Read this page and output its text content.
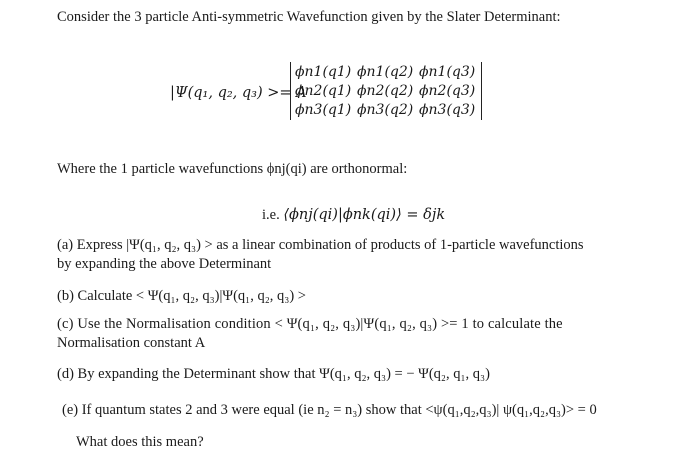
Consider the 3 particle Anti-symmetric Wavefunction given by the Slater Determinant:
|Ψ(q₁, q₂, q₃) >= A
ϕn1(q1) ϕn1(q2) ϕn1(q3)
ϕn2(q1) ϕn2(q2) ϕn2(q3)
ϕn3(q1) ϕn3(q2) ϕn3(q3)
Where the 1 particle wavefunctions ϕnj(qi) are orthonormal:
i.e. ⟨ϕnj(qi)|ϕnk(qi)⟩ = δjk
(a) Express |Ψ(q₁, q₂, q₃) > as a linear combination of products of 1-particle wavefunctions
by expanding the above Determinant
(b) Calculate < Ψ(q₁, q₂, q₃)|Ψ(q₁, q₂, q₃) >
(c) Use the Normalisation condition < Ψ(q₁, q₂, q₃)|Ψ(q₁, q₂, q₃) >= 1 to calculate the
Normalisation constant A
(d) By expanding the Determinant show that Ψ(q₁, q₂, q₃) = − Ψ(q₂, q₁, q₃)
(e) If quantum states 2 and 3 were equal (ie n₂ = n₃) show that <ψ(q₁,q₂,q₃)| ψ(q₁,q₂,q₃)> = 0
What does this mean?
